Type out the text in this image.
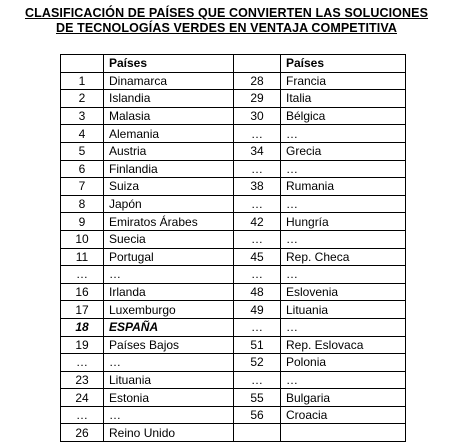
CLASIFICACIÓN DE PAÍSES QUE CONVIERTEN LAS SOLUCIONES
DE TECNOLOGÍAS VERDES EN VENTAJA COMPETITIVA
	Países		Países
1	Dinamarca	28	Francia
2	Islandia	29	Italia
3	Malasia	30	Bélgica
4	Alemania	…	…
5	Austria	34	Grecia
6	Finlandia	…	…
7	Suiza	38	Rumania
8	Japón	…	…
9	Emiratos Árabes	42	Hungría
10	Suecia	…	…
11	Portugal	45	Rep. Checa
…	…	…	…
16	Irlanda	48	Eslovenia
17	Luxemburgo	49	Lituania
18	ESPAÑA	…	…
19	Países Bajos	51	Rep. Eslovaca
…	…	52	Polonia
23	Lituania	…	…
24	Estonia	55	Bulgaria
…	…	56	Croacia
26	Reino Unido		
